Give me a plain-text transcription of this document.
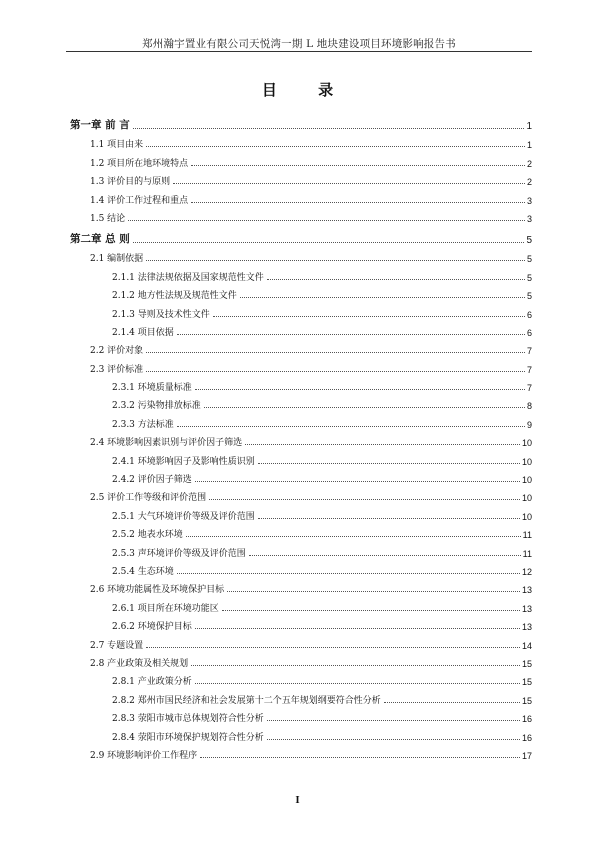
郑州瀚宇置业有限公司天悦湾一期 L 地块建设项目环境影响报告书
目 录
第一章 前 言	1
1.1 项目由来	1
1.2 项目所在地环境特点	2
1.3 评价目的与原则	2
1.4 评价工作过程和重点	3
1.5 结论	3
第二章 总 则	5
2.1 编制依据	5
2.1.1 法律法规依据及国家规范性文件	5
2.1.2 地方性法规及规范性文件	5
2.1.3 导则及技术性文件	6
2.1.4 项目依据	6
2.2 评价对象	7
2.3 评价标准	7
2.3.1 环境质量标准	7
2.3.2 污染物排放标准	8
2.3.3 方法标准	9
2.4 环境影响因素识别与评价因子筛选	10
2.4.1 环境影响因子及影响性质识别	10
2.4.2 评价因子筛选	10
2.5 评价工作等级和评价范围	10
2.5.1 大气环境评价等级及评价范围	10
2.5.2 地表水环境	11
2.5.3 声环境评价等级及评价范围	11
2.5.4 生态环境	12
2.6 环境功能属性及环境保护目标	13
2.6.1 项目所在环境功能区	13
2.6.2 环境保护目标	13
2.7 专题设置	14
2.8 产业政策及相关规划	15
2.8.1 产业政策分析	15
2.8.2 郑州市国民经济和社会发展第十二个五年规划纲要符合性分析	15
2.8.3 荥阳市城市总体规划符合性分析	16
2.8.4 荥阳市环境保护规划符合性分析	16
2.9 环境影响评价工作程序	17
I
